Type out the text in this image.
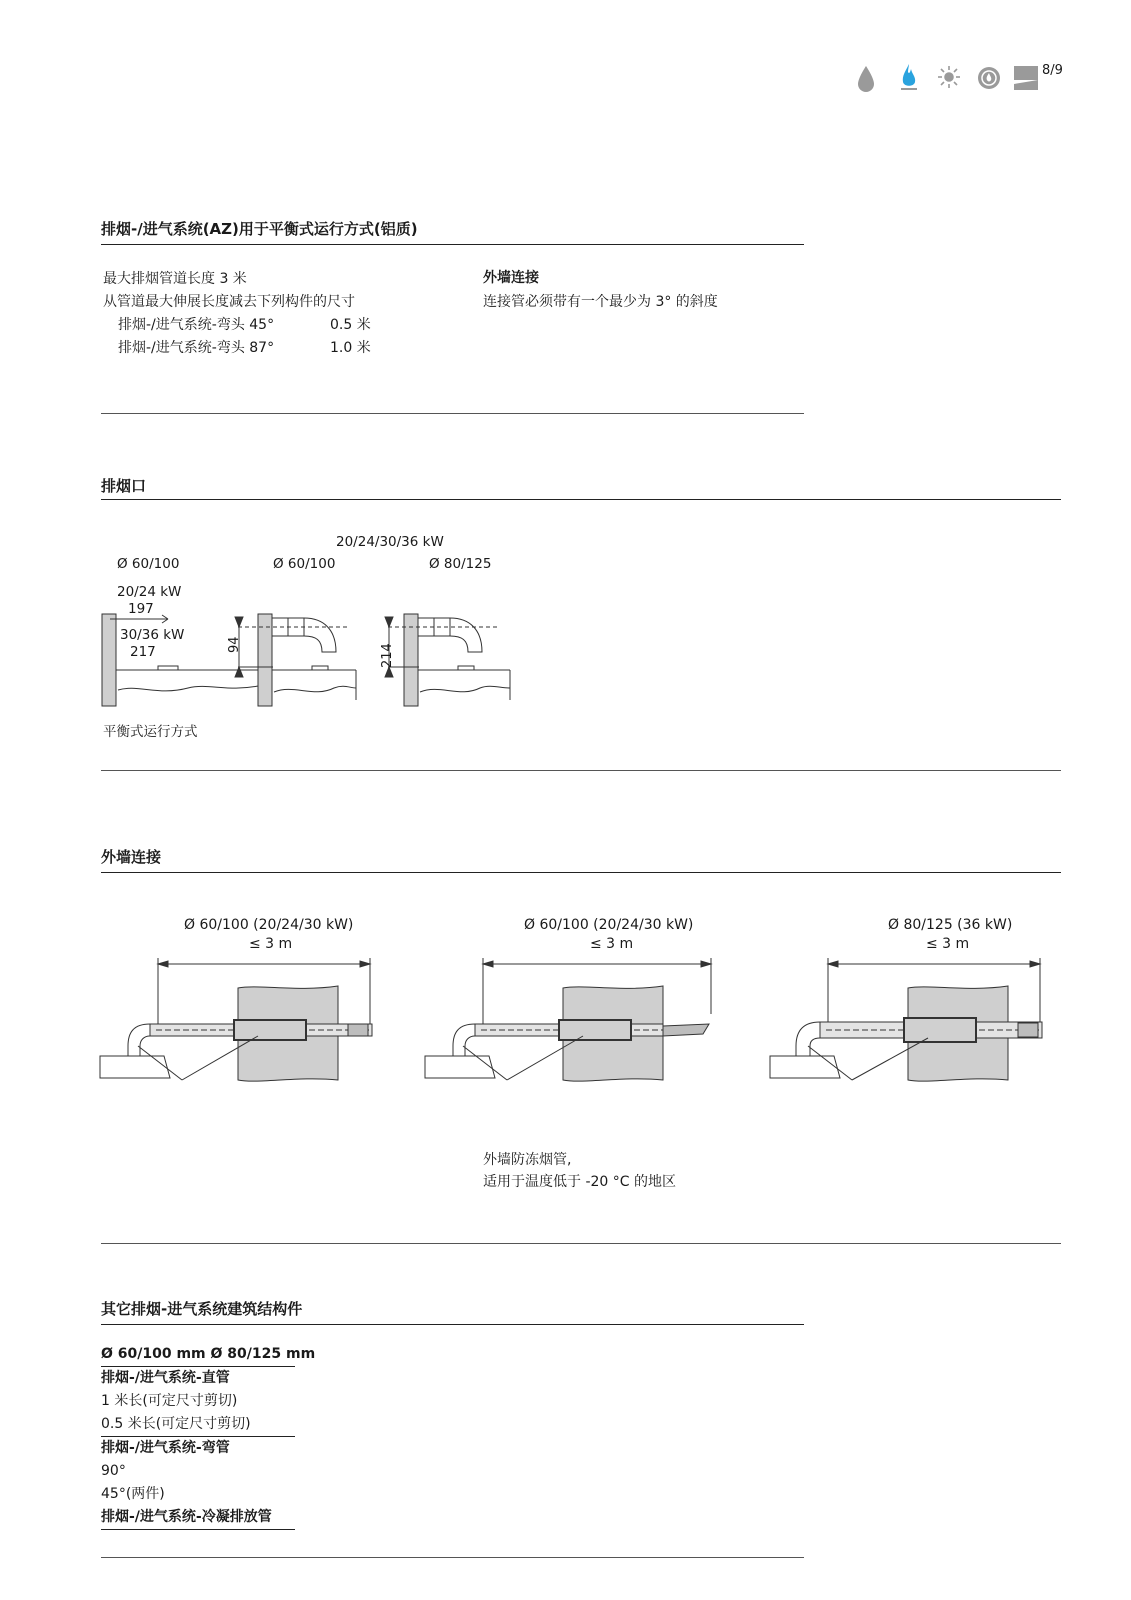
8/9
排烟-/进气系统(AZ)用于平衡式运行方式(铝质)
最大排烟管道长度 3 米
从管道最大伸展长度减去下列构件的尺寸
排烟-/进气系统-弯头 45°	0.5 米
排烟-/进气系统-弯头 87°	1.0 米
外墙连接
连接管必须带有一个最少为 3° 的斜度
排烟口
20/24/30/36 kW
Ø 60/100	Ø 60/100	Ø 80/125
20/24 kW
197
30/36 kW
217	94	214
平衡式运行方式
外墙连接
Ø 60/100 (20/24/30 kW)
≤ 3 m
Ø 60/100 (20/24/30 kW)
≤ 3 m
Ø 80/125 (36 kW)
≤ 3 m
外墙防冻烟管,
适用于温度低于 -20 °C 的地区
其它排烟-进气系统建筑结构件
Ø 60/100 mm Ø 80/125 mm
排烟-/进气系统-直管
1 米长(可定尺寸剪切)
0.5 米长(可定尺寸剪切)
排烟-/进气系统-弯管
90°
45°(两件)
排烟-/进气系统-冷凝排放管
